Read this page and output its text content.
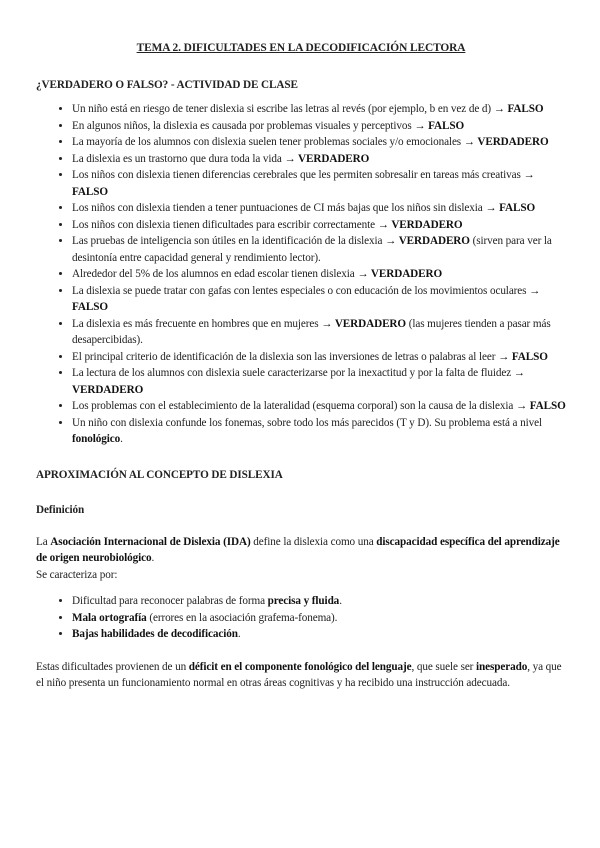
TEMA 2. DIFICULTADES EN LA DECODIFICACIÓN LECTORA
¿VERDADERO O FALSO? - ACTIVIDAD DE CLASE
• Un niño está en riesgo de tener dislexia si escribe las letras al revés (por ejemplo, b en vez de d) → FALSO
• En algunos niños, la dislexia es causada por problemas visuales y perceptivos → FALSO
• La mayoría de los alumnos con dislexia suelen tener problemas sociales y/o emocionales → VERDADERO
• La dislexia es un trastorno que dura toda la vida → VERDADERO
• Los niños con dislexia tienen diferencias cerebrales que les permiten sobresalir en tareas más creativas → FALSO
• Los niños con dislexia tienden a tener puntuaciones de CI más bajas que los niños sin dislexia → FALSO
• Los niños con dislexia tienen dificultades para escribir correctamente → VERDADERO
• Las pruebas de inteligencia son útiles en la identificación de la dislexia → VERDADERO (sirven para ver la desintonía entre capacidad general y rendimiento lector).
• Alrededor del 5% de los alumnos en edad escolar tienen dislexia → VERDADERO
• La dislexia se puede tratar con gafas con lentes especiales o con educación de los movimientos oculares → FALSO
• La dislexia es más frecuente en hombres que en mujeres → VERDADERO (las mujeres tienden a pasar más desapercibidas).
• El principal criterio de identificación de la dislexia son las inversiones de letras o palabras al leer → FALSO
• La lectura de los alumnos con dislexia suele caracterizarse por la inexactitud y por la falta de fluidez → VERDADERO
• Los problemas con el establecimiento de la lateralidad (esquema corporal) son la causa de la dislexia → FALSO
• Un niño con dislexia confunde los fonemas, sobre todo los más parecidos (T y D). Su problema está a nivel fonológico.
APROXIMACIÓN AL CONCEPTO DE DISLEXIA
Definición

La Asociación Internacional de Dislexia (IDA) define la dislexia como una discapacidad específica del aprendizaje de origen neurobiológico.

Se caracteriza por:

• Dificultad para reconocer palabras de forma precisa y fluida.
• Mala ortografía (errores en la asociación grafema-fonema).
• Bajas habilidades de decodificación.

Estas dificultades provienen de un déficit en el componente fonológico del lenguaje, que suele ser inesperado, ya que el niño presenta un funcionamiento normal en otras áreas cognitivas y ha recibido una instrucción adecuada.
